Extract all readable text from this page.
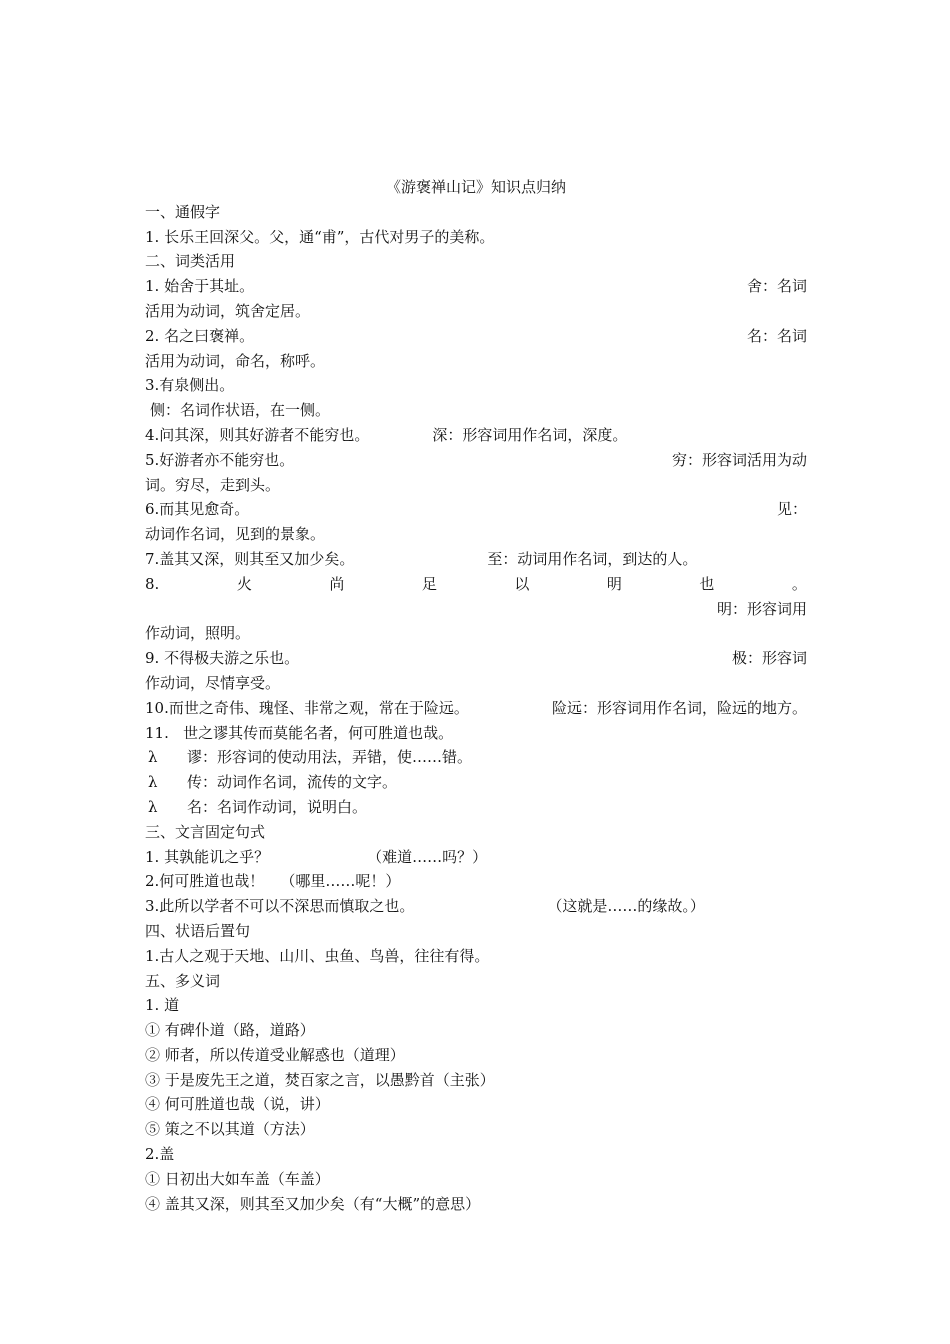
《游褒禅山记》知识点归纳
一、通假字
1. 长乐王回深父。父，通“甫”，古代对男子的美称。
二、词类活用
1. 始舍于其址。	舍：名词
活用为动词，筑舍定居。
2. 名之曰褒禅。	名：名词
活用为动词，命名，称呼。
3.有泉侧出。
侧：名词作状语，在一侧。
4.问其深，则其好游者不能穷也。	深：形容词用作名词，深度。
5.好游者亦不能穷也。	穷：形容词活用为动
词。穷尽，走到头。
6.而其见愈奇。	见：
动词作名词，见到的景象。
7.盖其又深，则其至又加少矣。	至：动词用作名词，到达的人。
8.	火	尚	足	以	明	也	。
明：形容词用
作动词，照明。
9. 不得极夫游之乐也。	极：形容词
作动词，尽情享受。
10.而世之奇伟、瑰怪、非常之观，常在于险远。	险远：形容词用作名词，险远的地方。
11.   世之谬其传而莫能名者，何可胜道也哉。
λ 谬：形容词的使动用法，弄错，使……错。
λ 传：动词作名词，流传的文字。
λ 名：名词作动词，说明白。
三、文言固定句式
1. 其孰能讥之乎？	（难道……吗？）
2.何可胜道也哉！ （哪里……呢！）
3.此所以学者不可以不深思而慎取之也。	（这就是……的缘故。）
四、状语后置句
1.古人之观于天地、山川、虫鱼、鸟兽，往往有得。
五、多义词
1. 道
① 有碑仆道（路，道路）
② 师者，所以传道受业解惑也（道理）
③ 于是废先王之道，焚百家之言，以愚黔首（主张）
④ 何可胜道也哉（说，讲）
⑤ 策之不以其道（方法）
2.盖
① 日初出大如车盖（车盖）
④ 盖其又深，则其至又加少矣（有“大概”的意思）
